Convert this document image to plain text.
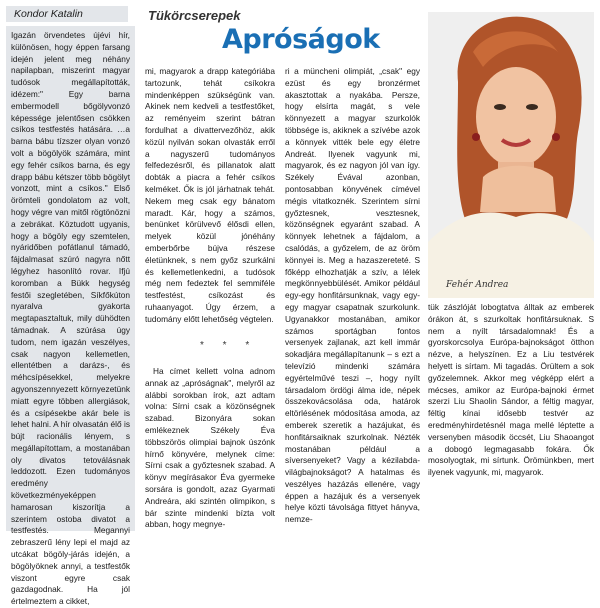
Kondor Katalin

Igazán örvendetes újévi hír, különösen, hogy éppen farsang idején jelent meg néhány napilapban, miszerint magyar tudósok megállapították, idézem:" Egy barna embermodell bőgölyvonzó képessége jelentősen csökken csíkos testfestés hatására. …a barna bábu tízszer olyan vonzó volt a bögölyök számára, mint egy fehér csíkos barna, és egy drapp bábu kétszer több bögölyt vonzott, mint a csíkos." Első örömteli gondolatom az volt, hogy végre van mitől rögtönözni a zebrákat. Köztudott ugyanis, hogy a bögöly egy szemtelen, nyáridőben pofátlanul támadó, fájdalmasat szúró nagyra nőtt légyhez hasonlító rovar. Ifjú koromban a Bükk hegység festői szegletében, Síkfőkúton nyaralva gyakorta megtapasztaltuk, mily dühödten támadnak. A szúrása úgy tudom, nem igazán veszélyes, csak nagyon kellemetlen, ellentétben a darázs-, és méhcsípésekkel, melyekre agyonszennyezett környezetünk miatt egyre többen allergiások, és a csípésekbe akár bele is lehet halni. A hír olvasatán élő is bújt racionális lényem, s megállapítottam, a mostanában oly divatos tetoválásnak leddozott. Ezen tudományos eredmény következményeképpen hamarosan kiszorítja a szerintem ostoba divatot a testfestés. Megannyi zebraszerű lény lepi el majd az utcákat bögöly-járás idején, a bögölyöknek annyi, a testfestők viszont egyre csak gazdagodnak. Ha jól értelmeztem a cikket,

Tükörcserepek
Apróságok

mi, magyarok a drapp kategóriába tartozunk, tehát csíkokra mindenképpen szükségünk van. Akinek nem kedveli a testfestőket, az reményeim szerint bátran fordulhat a divattervezőhöz, akik közül nyilván sokan olvasták erről a nagyszerű tudományos felfedezésről, és pillanatok alatt dobták a piacra a fehér csíkos kelméket. Ők is jól járhatnak tehát. Nekem meg csak egy bánatom maradt. Kár, hogy a számos, benünket körülvevő élősdi ellen, melyek közül jónéhány emberbőrbe bújva részese életünknek, s nem győz szurkálni és kellemetlenkedni, a tudósok még nem fedeztek fel semmiféle testfestést, csíkozást és ruhaanyagot. Úgy érzem, a tudomány előtt lehetőség végtelen.

* * *

Ha címet kellett volna adnom annak az „apróságnak", melyről az alábbi sorokban írok, azt adtam volna: Sírni csak a közönségnek szabad. Bizonyára sokan emlékeznek Székely Éva többszörös olimpiai bajnok úszónk hírnő könyvére, melynek címe: Sírni csak a győztesnek szabad. A könyv megírásakor Éva gyermeke sorsára is gondolt, azaz Gyarmati Andreára, aki szintén olimpikon, s bár szinte mindenki bízta volt abban, hogy megnye-

ri a müncheni olimpiát, „csak" egy ezüst és egy bronzérmet akasztottak a nyakába. Persze, hogy elsírta magát, s vele könnyezett a magyar szurkolók többsége is, akiknek a szívébe azok a könnyek vitték bele egy életre Andreát. Ilyenek vagyunk mi, magyarok, és ez nagyon jól van így. Székely Évával azonban, pontosabban könyvének címével mégis vitatkoznék. Szerintem sírni győztesnek, vesztesnek, közönségnek egyaránt szabad. A könnyek lehetnek a fájdalom, a csalódás, a győzelem, de az öröm könnyei is. Meg a hazaszereteté. S főképp elhozhatják a szív, a lélek megkönnyebbülését. Amikor például egy-egy honfitársunknak, vagy egy-egy magyar csapatnak szurkolunk. Ugyanakkor mostanában, amikor számos sportágban fontos versenyek zajlanak, azt kell immár sokadjára megállapítanunk – s ezt a televízió mindenki számára egyértelművé teszi –, hogy nyílt társadalom ördögi álma ide, népek összekovácsolása oda, határok eltörlésének módosítása amoda, az emberek szeretik a hazájukat, és honfitársaiknak szurkolnak. Nézték mostanában például a síversenyeket? Vagy a kézilabda-világbajnokságot? A hatalmas és veszélyes hazázás ellenére, vagy éppen a hazájuk és a versenyek helye közti távolsága fittyet hányva, nemze-

Fehér Andrea

tük zászlóját lobogtatva álltak az emberek órákon át, s szurkoltak honfitársuknak. S nem a nyílt társadalomnak! És a gyorskorcsolya Európa-bajnokságot ötthon nézve, a helyszínen. Ez a Liu testvérek helyett is sírtam. Mi tagadás. Örültem a sok győzelemnek. Akkor meg végképp elért a mécses, amikor az Európa-bajnoki érmet szerzi Liu Shaolin Sándor, a féltig magyar, féltig kínai idősebb testvér az eredményhirdetésnél maga mellé léptette a versenyben második öccsét, Liu Shaoangot a dobogó legmagasabb fokára. Ők mosolyogtak, mi sírtunk. Örömünkben, mert ilyenek vagyunk, mi, magyarok.
